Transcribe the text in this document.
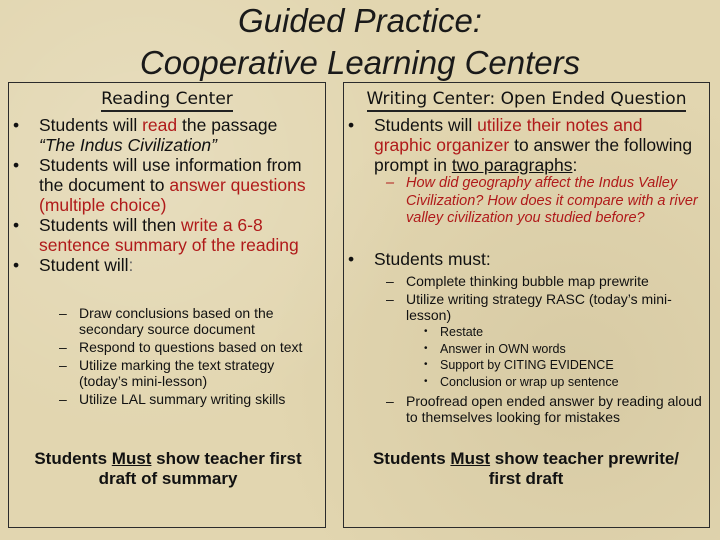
Guided Practice:
Cooperative Learning Centers
Reading Center
• Students will read the passage
“The Indus Civilization”
• Students will use information from the document to answer questions (multiple choice)
• Students will then write a 6-8 sentence summary of the reading
• Student will:
– Draw conclusions based on the secondary source document
– Respond to questions based on text
– Utilize marking the text strategy (today’s mini-lesson)
– Utilize LAL summary writing skills
Students Must show teacher first draft of summary
Writing Center: Open Ended Question
• Students will utilize their notes and graphic organizer to answer the following prompt in two paragraphs:
– How did geography affect the Indus Valley Civilization? How does it compare with a river valley civilization you studied before?
• Students must:
– Complete thinking bubble map prewrite
– Utilize writing strategy RASC (today’s mini-lesson)
• Restate
• Answer in OWN words
• Support by CITING EVIDENCE
• Conclusion or wrap up sentence
– Proofread open ended answer by reading aloud to themselves looking for mistakes
Students Must show teacher prewrite/ first draft
